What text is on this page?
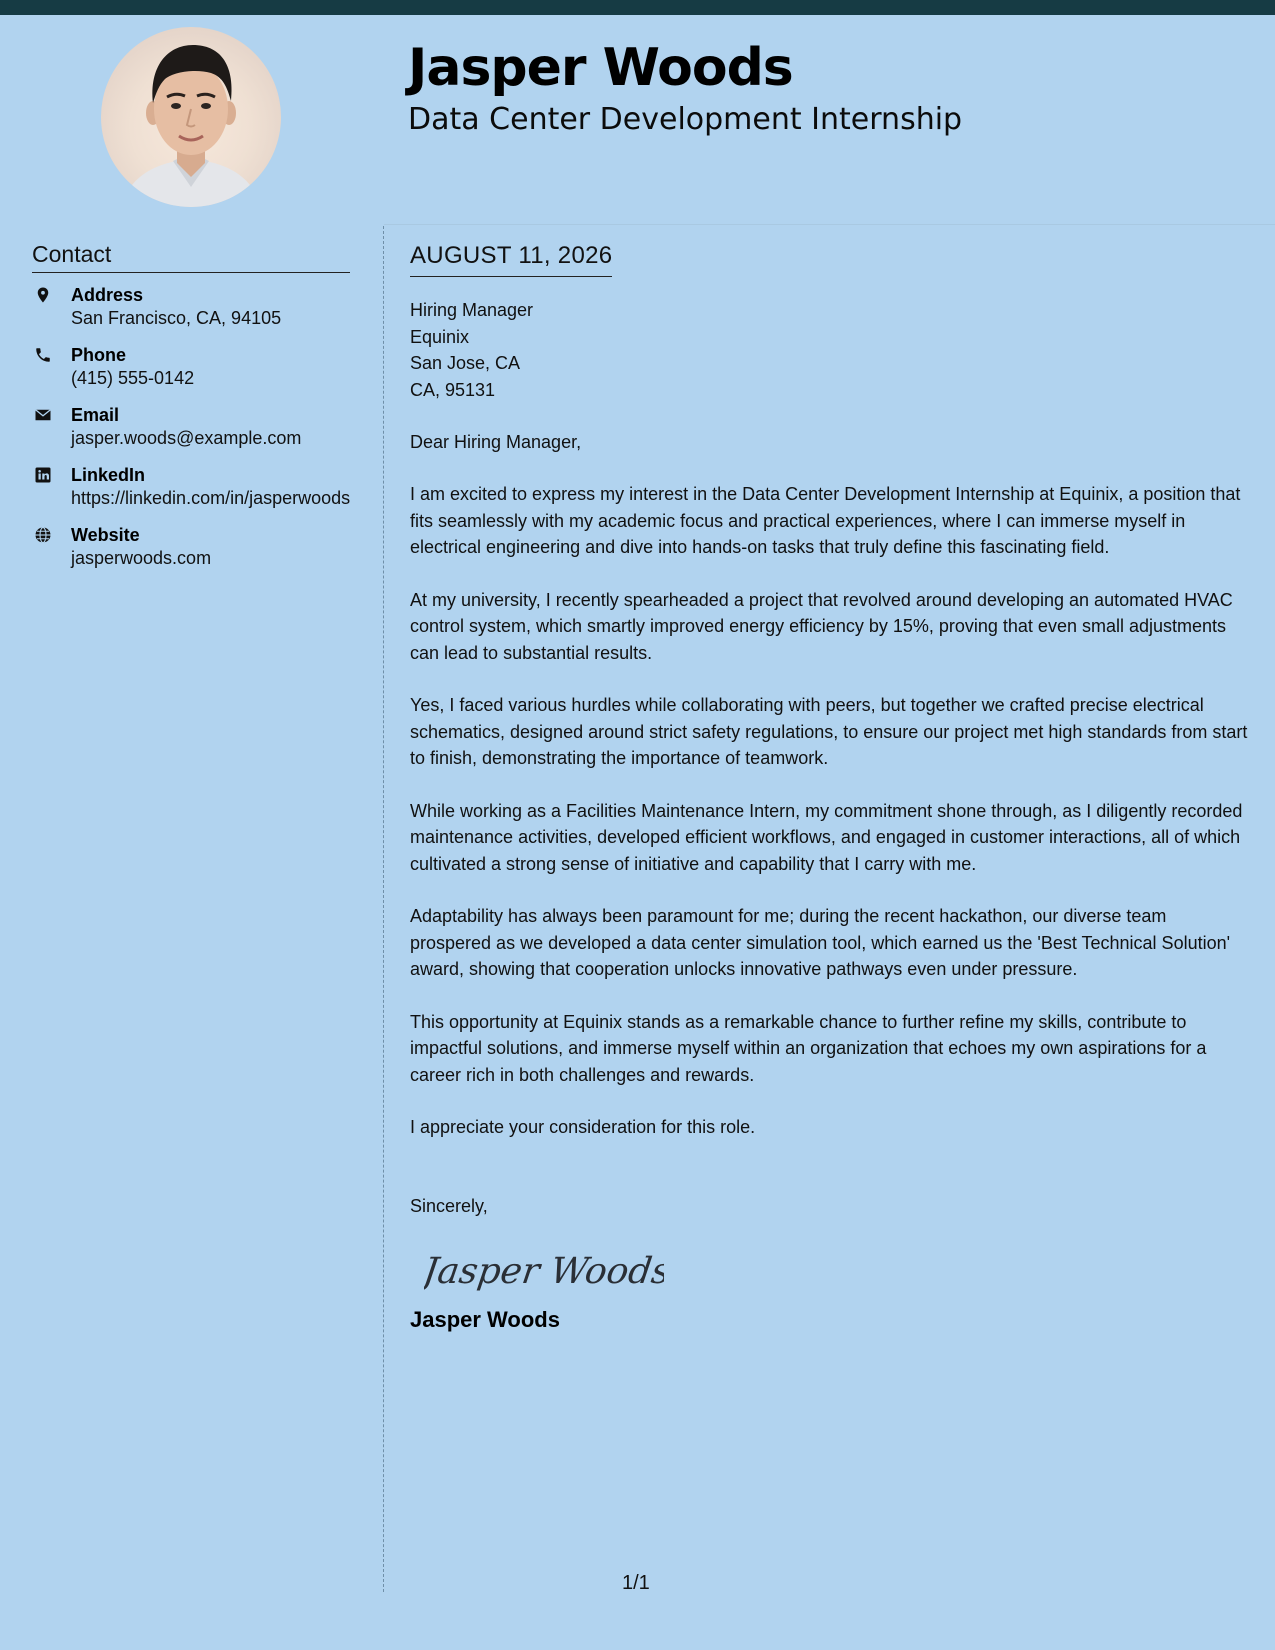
Jasper Woods
Data Center Development Internship
Contact
Address
San Francisco, CA, 94105
Phone
(415) 555-0142
Email
jasper.woods@example.com
LinkedIn
https://linkedin.com/in/jasperwoods
Website
jasperwoods.com
AUGUST 11, 2026
Hiring Manager
Equinix
San Jose, CA
CA, 95131
Dear Hiring Manager,
I am excited to express my interest in the Data Center Development Internship at Equinix, a position that fits seamlessly with my academic focus and practical experiences, where I can immerse myself in electrical engineering and dive into hands-on tasks that truly define this fascinating field.
At my university, I recently spearheaded a project that revolved around developing an automated HVAC control system, which smartly improved energy efficiency by 15%, proving that even small adjustments can lead to substantial results.
Yes, I faced various hurdles while collaborating with peers, but together we crafted precise electrical schematics, designed around strict safety regulations, to ensure our project met high standards from start to finish, demonstrating the importance of teamwork.
While working as a Facilities Maintenance Intern, my commitment shone through, as I diligently recorded maintenance activities, developed efficient workflows, and engaged in customer interactions, all of which cultivated a strong sense of initiative and capability that I carry with me.
Adaptability has always been paramount for me; during the recent hackathon, our diverse team prospered as we developed a data center simulation tool, which earned us the 'Best Technical Solution' award, showing that cooperation unlocks innovative pathways even under pressure.
This opportunity at Equinix stands as a remarkable chance to further refine my skills, contribute to impactful solutions, and immerse myself within an organization that echoes my own aspirations for a career rich in both challenges and rewards.
I appreciate your consideration for this role.
Sincerely,
Jasper Woods
Jasper Woods
1/1
